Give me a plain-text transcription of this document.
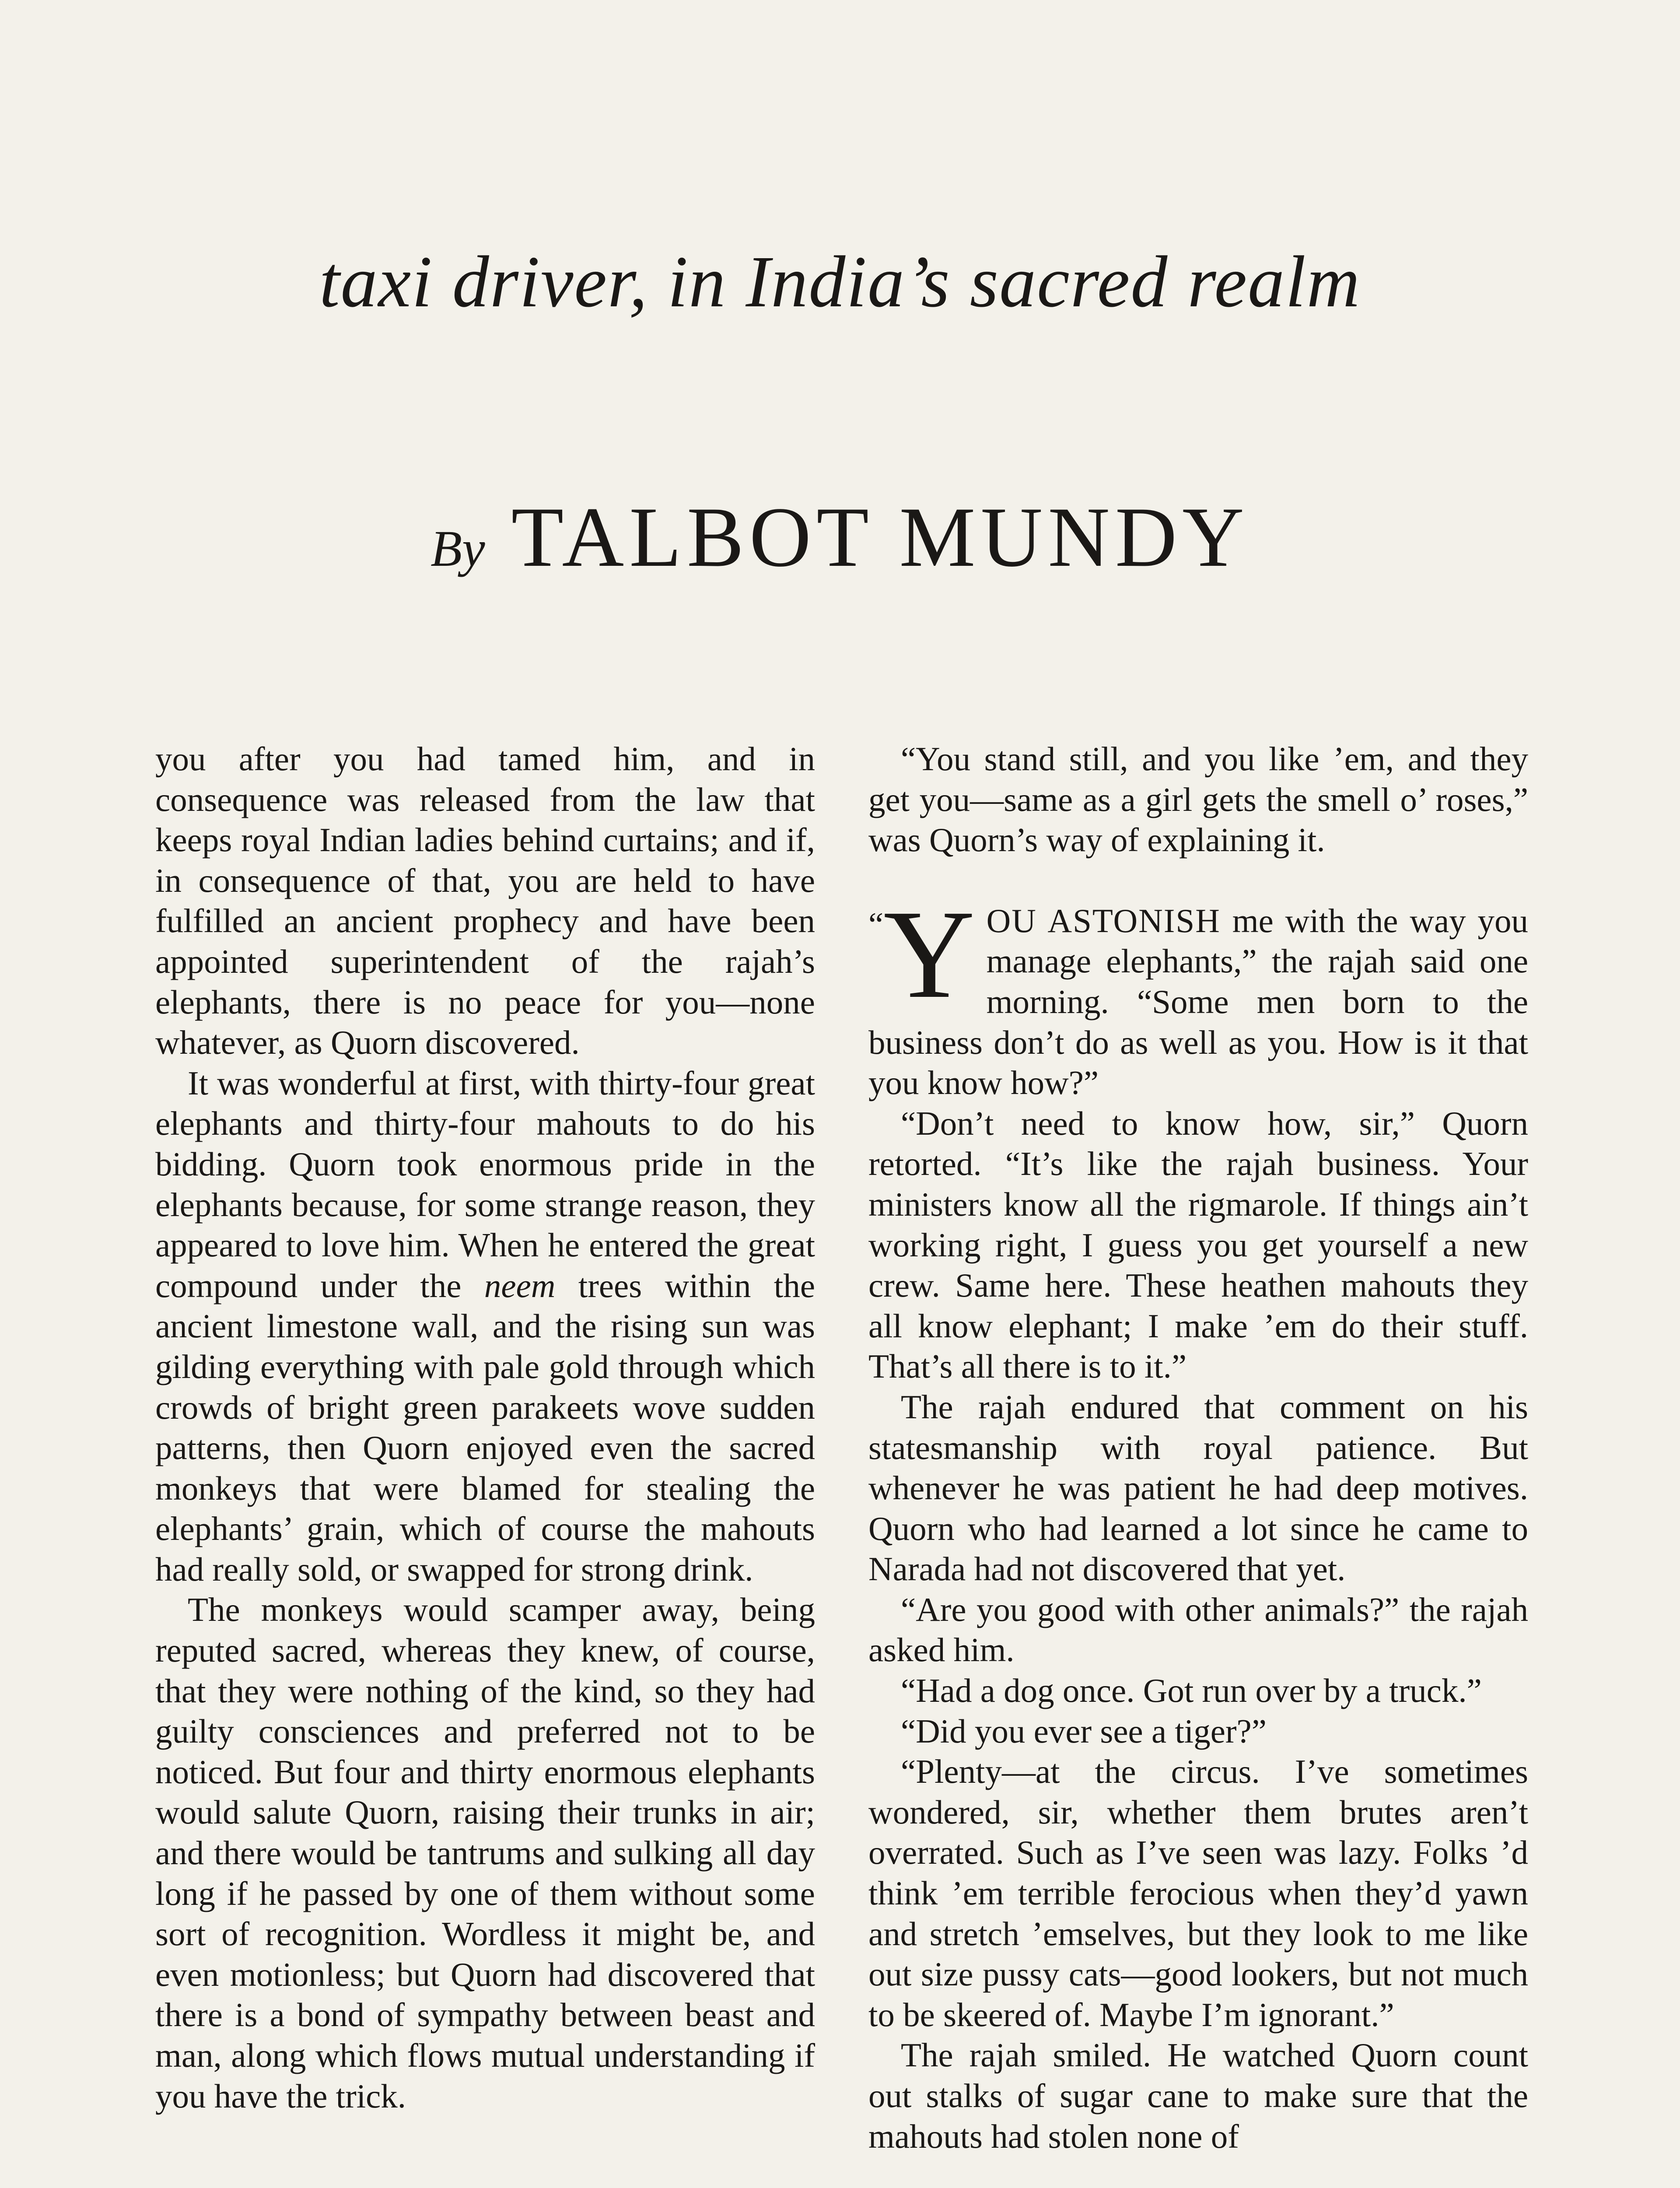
taxi driver, in India’s sacred realm
By TALBOT MUNDY

you after you had tamed him, and in consequence was released from the law that keeps royal Indian ladies behind curtains; and if, in consequence of that, you are held to have fulfilled an ancient prophecy and have been appointed superintendent of the rajah’s elephants, there is no peace for you—none whatever, as Quorn discovered.

It was wonderful at first, with thirty-four great elephants and thirty-four mahouts to do his bidding. Quorn took enormous pride in the elephants because, for some strange reason, they appeared to love him. When he entered the great compound under the neem trees within the ancient limestone wall, and the rising sun was gilding everything with pale gold through which crowds of bright green parakeets wove sudden patterns, then Quorn enjoyed even the sacred monkeys that were blamed for stealing the elephants’ grain, which of course the mahouts had really sold, or swapped for strong drink.

The monkeys would scamper away, being reputed sacred, whereas they knew, of course, that they were nothing of the kind, so they had guilty consciences and preferred not to be noticed. But four and thirty enormous elephants would salute Quorn, raising their trunks in air; and there would be tantrums and sulking all day long if he passed by one of them without some sort of recognition. Wordless it might be, and even motionless; but Quorn had discovered that there is a bond of sympathy between beast and man, along which flows mutual understanding if you have the trick.

“You stand still, and you like ’em, and they get you—same as a girl gets the smell o’ roses,” was Quorn’s way of explaining it.

“Y OU ASTONISH me with the way you manage elephants,” the rajah said one morning. “Some men born to the business don’t do as well as you. How is it that you know how?”

“Don’t need to know how, sir,” Quorn retorted. “It’s like the rajah business. Your ministers know all the rigmarole. If things ain’t working right, I guess you get yourself a new crew. Same here. These heathen mahouts they all know elephant; I make ’em do their stuff. That’s all there is to it.”

The rajah endured that comment on his statesmanship with royal patience. But whenever he was patient he had deep motives. Quorn who had learned a lot since he came to Narada had not discovered that yet.

“Are you good with other animals?” the rajah asked him.

“Had a dog once. Got run over by a truck.”

“Did you ever see a tiger?”

“Plenty—at the circus. I’ve sometimes wondered, sir, whether them brutes aren’t overrated. Such as I’ve seen was lazy. Folks ’d think ’em terrible ferocious when they’d yawn and stretch ’emselves, but they look to me like out size pussy cats—good lookers, but not much to be skeered of. Maybe I’m ignorant.”

The rajah smiled. He watched Quorn count out stalks of sugar cane to make sure that the mahouts had stolen none of
